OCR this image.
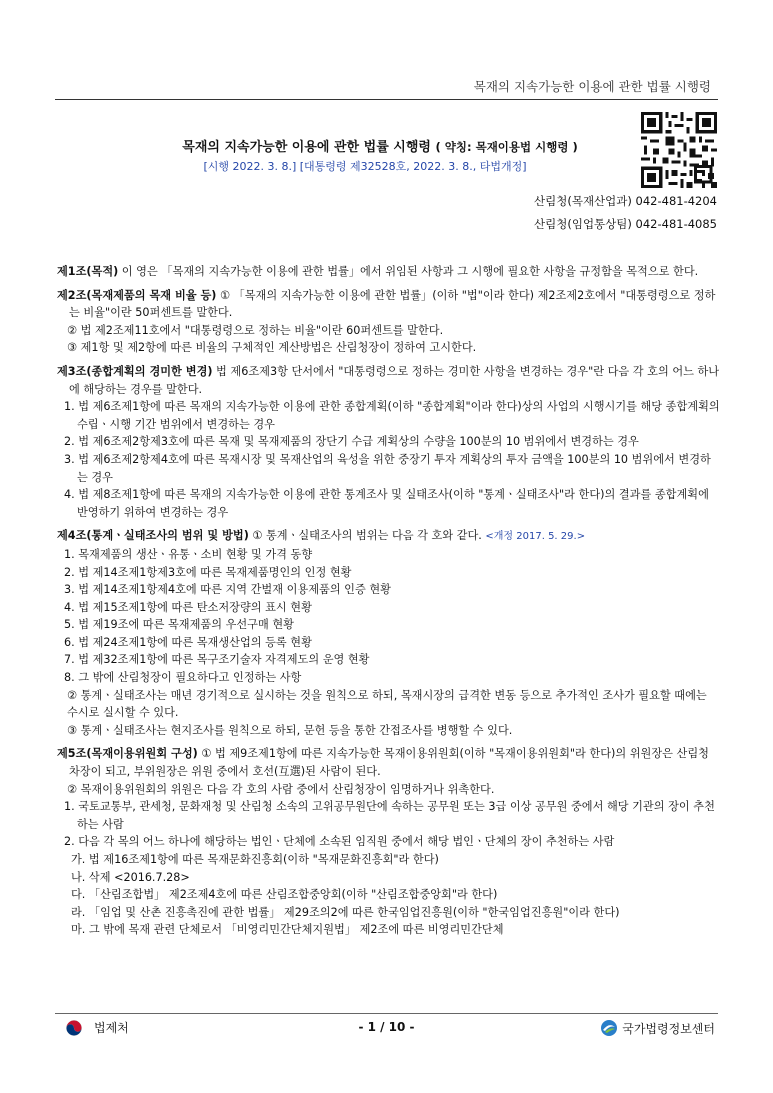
목재의 지속가능한 이용에 관한 법률 시행령
목재의 지속가능한 이용에 관한 법률 시행령 ( 약칭: 목재이용법 시행령 )
[시행 2022. 3. 8.] [대통령령 제32528호, 2022. 3. 8., 타법개정]
산림청(목재산업과) 042-481-4204
산림청(임업통상팀) 042-481-4085

제1조(목적) 이 영은 「목재의 지속가능한 이용에 관한 법률」에서 위임된 사항과 그 시행에 필요한 사항을 규정함을 목적으로 한다.

제2조(목재제품의 목재 비율 등) ① 「목재의 지속가능한 이용에 관한 법률」(이하 "법"이라 한다) 제2조제2호에서 "대통령령으로 정하는 비율"이란 50퍼센트를 말한다.

② 법 제2조제11호에서 "대통령령으로 정하는 비율"이란 60퍼센트를 말한다.

③ 제1항 및 제2항에 따른 비율의 구체적인 계산방법은 산림청장이 정하여 고시한다.

제3조(종합계획의 경미한 변경) 법 제6조제3항 단서에서 "대통령령으로 정하는 경미한 사항을 변경하는 경우"란 다음 각 호의 어느 하나에 해당하는 경우를 말한다.

1. 법 제6조제1항에 따른 목재의 지속가능한 이용에 관한 종합계획(이하 "종합계획"이라 한다)상의 사업의 시행시기를 해당 종합계획의 수립ㆍ시행 기간 범위에서 변경하는 경우

2. 법 제6조제2항제3호에 따른 목재 및 목재제품의 장단기 수급 계획상의 수량을 100분의 10 범위에서 변경하는 경우

3. 법 제6조제2항제4호에 따른 목재시장 및 목재산업의 육성을 위한 중장기 투자 계획상의 투자 금액을 100분의 10 범위에서 변경하는 경우

4. 법 제8조제1항에 따른 목재의 지속가능한 이용에 관한 통계조사 및 실태조사(이하 "통계ㆍ실태조사"라 한다)의 결과를 종합계획에 반영하기 위하여 변경하는 경우

제4조(통계ㆍ실태조사의 범위 및 방법) ① 통계ㆍ실태조사의 범위는 다음 각 호와 같다. <개정 2017. 5. 29.>

1. 목재제품의 생산ㆍ유통ㆍ소비 현황 및 가격 동향

2. 법 제14조제1항제3호에 따른 목재제품명인의 인정 현황

3. 법 제14조제1항제4호에 따른 지역 간벌재 이용제품의 인증 현황

4. 법 제15조제1항에 따른 탄소저장량의 표시 현황

5. 법 제19조에 따른 목재제품의 우선구매 현황

6. 법 제24조제1항에 따른 목재생산업의 등록 현황

7. 법 제32조제1항에 따른 목구조기술자 자격제도의 운영 현황

8. 그 밖에 산림청장이 필요하다고 인정하는 사항

② 통계ㆍ실태조사는 매년 경기적으로 실시하는 것을 원칙으로 하되, 목재시장의 급격한 변동 등으로 추가적인 조사가 필요할 때에는 수시로 실시할 수 있다.

③ 통계ㆍ실태조사는 현지조사를 원칙으로 하되, 문헌 등을 통한 간접조사를 병행할 수 있다.

제5조(목재이용위원회 구성) ① 법 제9조제1항에 따른 지속가능한 목재이용위원회(이하 "목재이용위원회"라 한다)의 위원장은 산림청 차장이 되고, 부위원장은 위원 중에서 호선(互選)된 사람이 된다.

② 목재이용위원회의 위원은 다음 각 호의 사람 중에서 산림청장이 임명하거나 위촉한다.

1. 국토교통부, 관세청, 문화재청 및 산림청 소속의 고위공무원단에 속하는 공무원 또는 3급 이상 공무원 중에서 해당 기관의 장이 추천하는 사람

2. 다음 각 목의 어느 하나에 해당하는 법인ㆍ단체에 소속된 임직원 중에서 해당 법인ㆍ단체의 장이 추천하는 사람

가. 법 제16조제1항에 따른 목재문화진흥회(이하 "목재문화진흥회"라 한다)

나. 삭제 <2016.7.28>

다. 「산림조합법」 제2조제4호에 따른 산림조합중앙회(이하 "산림조합중앙회"라 한다)

라. 「임업 및 산촌 진흥촉진에 관한 법률」 제29조의2에 따른 한국임업진흥원(이하 "한국임업진흥원"이라 한다)

마. 그 밖에 목재 관련 단체로서 「비영리민간단체지원법」 제2조에 따른 비영리민간단체

법제처	- 1 / 10 -	국가법령정보센터
